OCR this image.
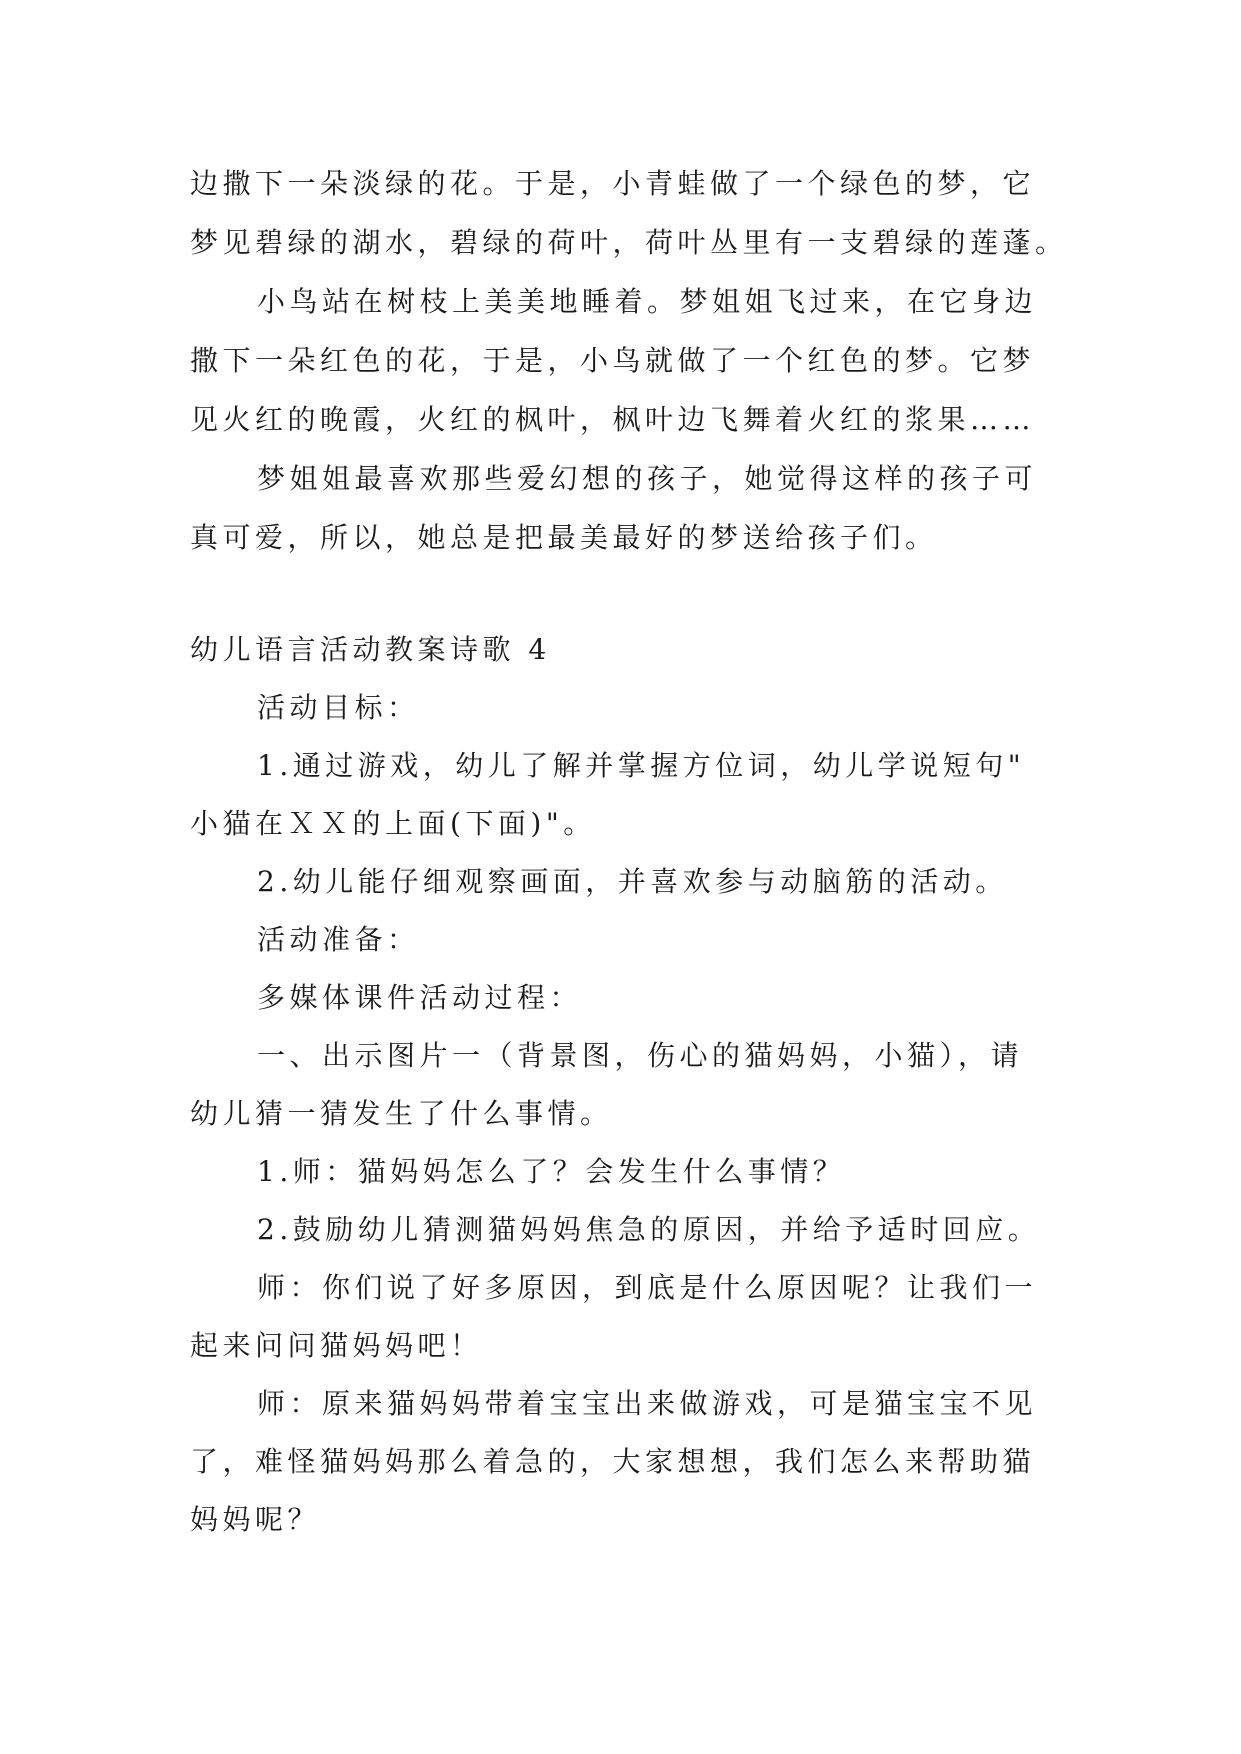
边撒下一朵淡绿的花。于是，小青蛙做了一个绿色的梦，它
梦见碧绿的湖水，碧绿的荷叶，荷叶丛里有一支碧绿的莲蓬。
小鸟站在树枝上美美地睡着。梦姐姐飞过来，在它身边
撒下一朵红色的花，于是，小鸟就做了一个红色的梦。它梦
见火红的晚霞，火红的枫叶，枫叶边飞舞着火红的浆果……
梦姐姐最喜欢那些爱幻想的孩子，她觉得这样的孩子可
真可爱，所以，她总是把最美最好的梦送给孩子们。
幼儿语言活动教案诗歌 4
活动目标：
1.通过游戏，幼儿了解并掌握方位词，幼儿学说短句"
小猫在ＸＸ的上面(下面)"。
2.幼儿能仔细观察画面，并喜欢参与动脑筋的活动。
活动准备：
多媒体课件活动过程：
一、出示图片一（背景图，伤心的猫妈妈，小猫），请
幼儿猜一猜发生了什么事情。
1.师：猫妈妈怎么了？会发生什么事情？
2.鼓励幼儿猜测猫妈妈焦急的原因，并给予适时回应。
师：你们说了好多原因，到底是什么原因呢？让我们一
起来问问猫妈妈吧！
师：原来猫妈妈带着宝宝出来做游戏，可是猫宝宝不见
了，难怪猫妈妈那么着急的，大家想想，我们怎么来帮助猫
妈妈呢？
